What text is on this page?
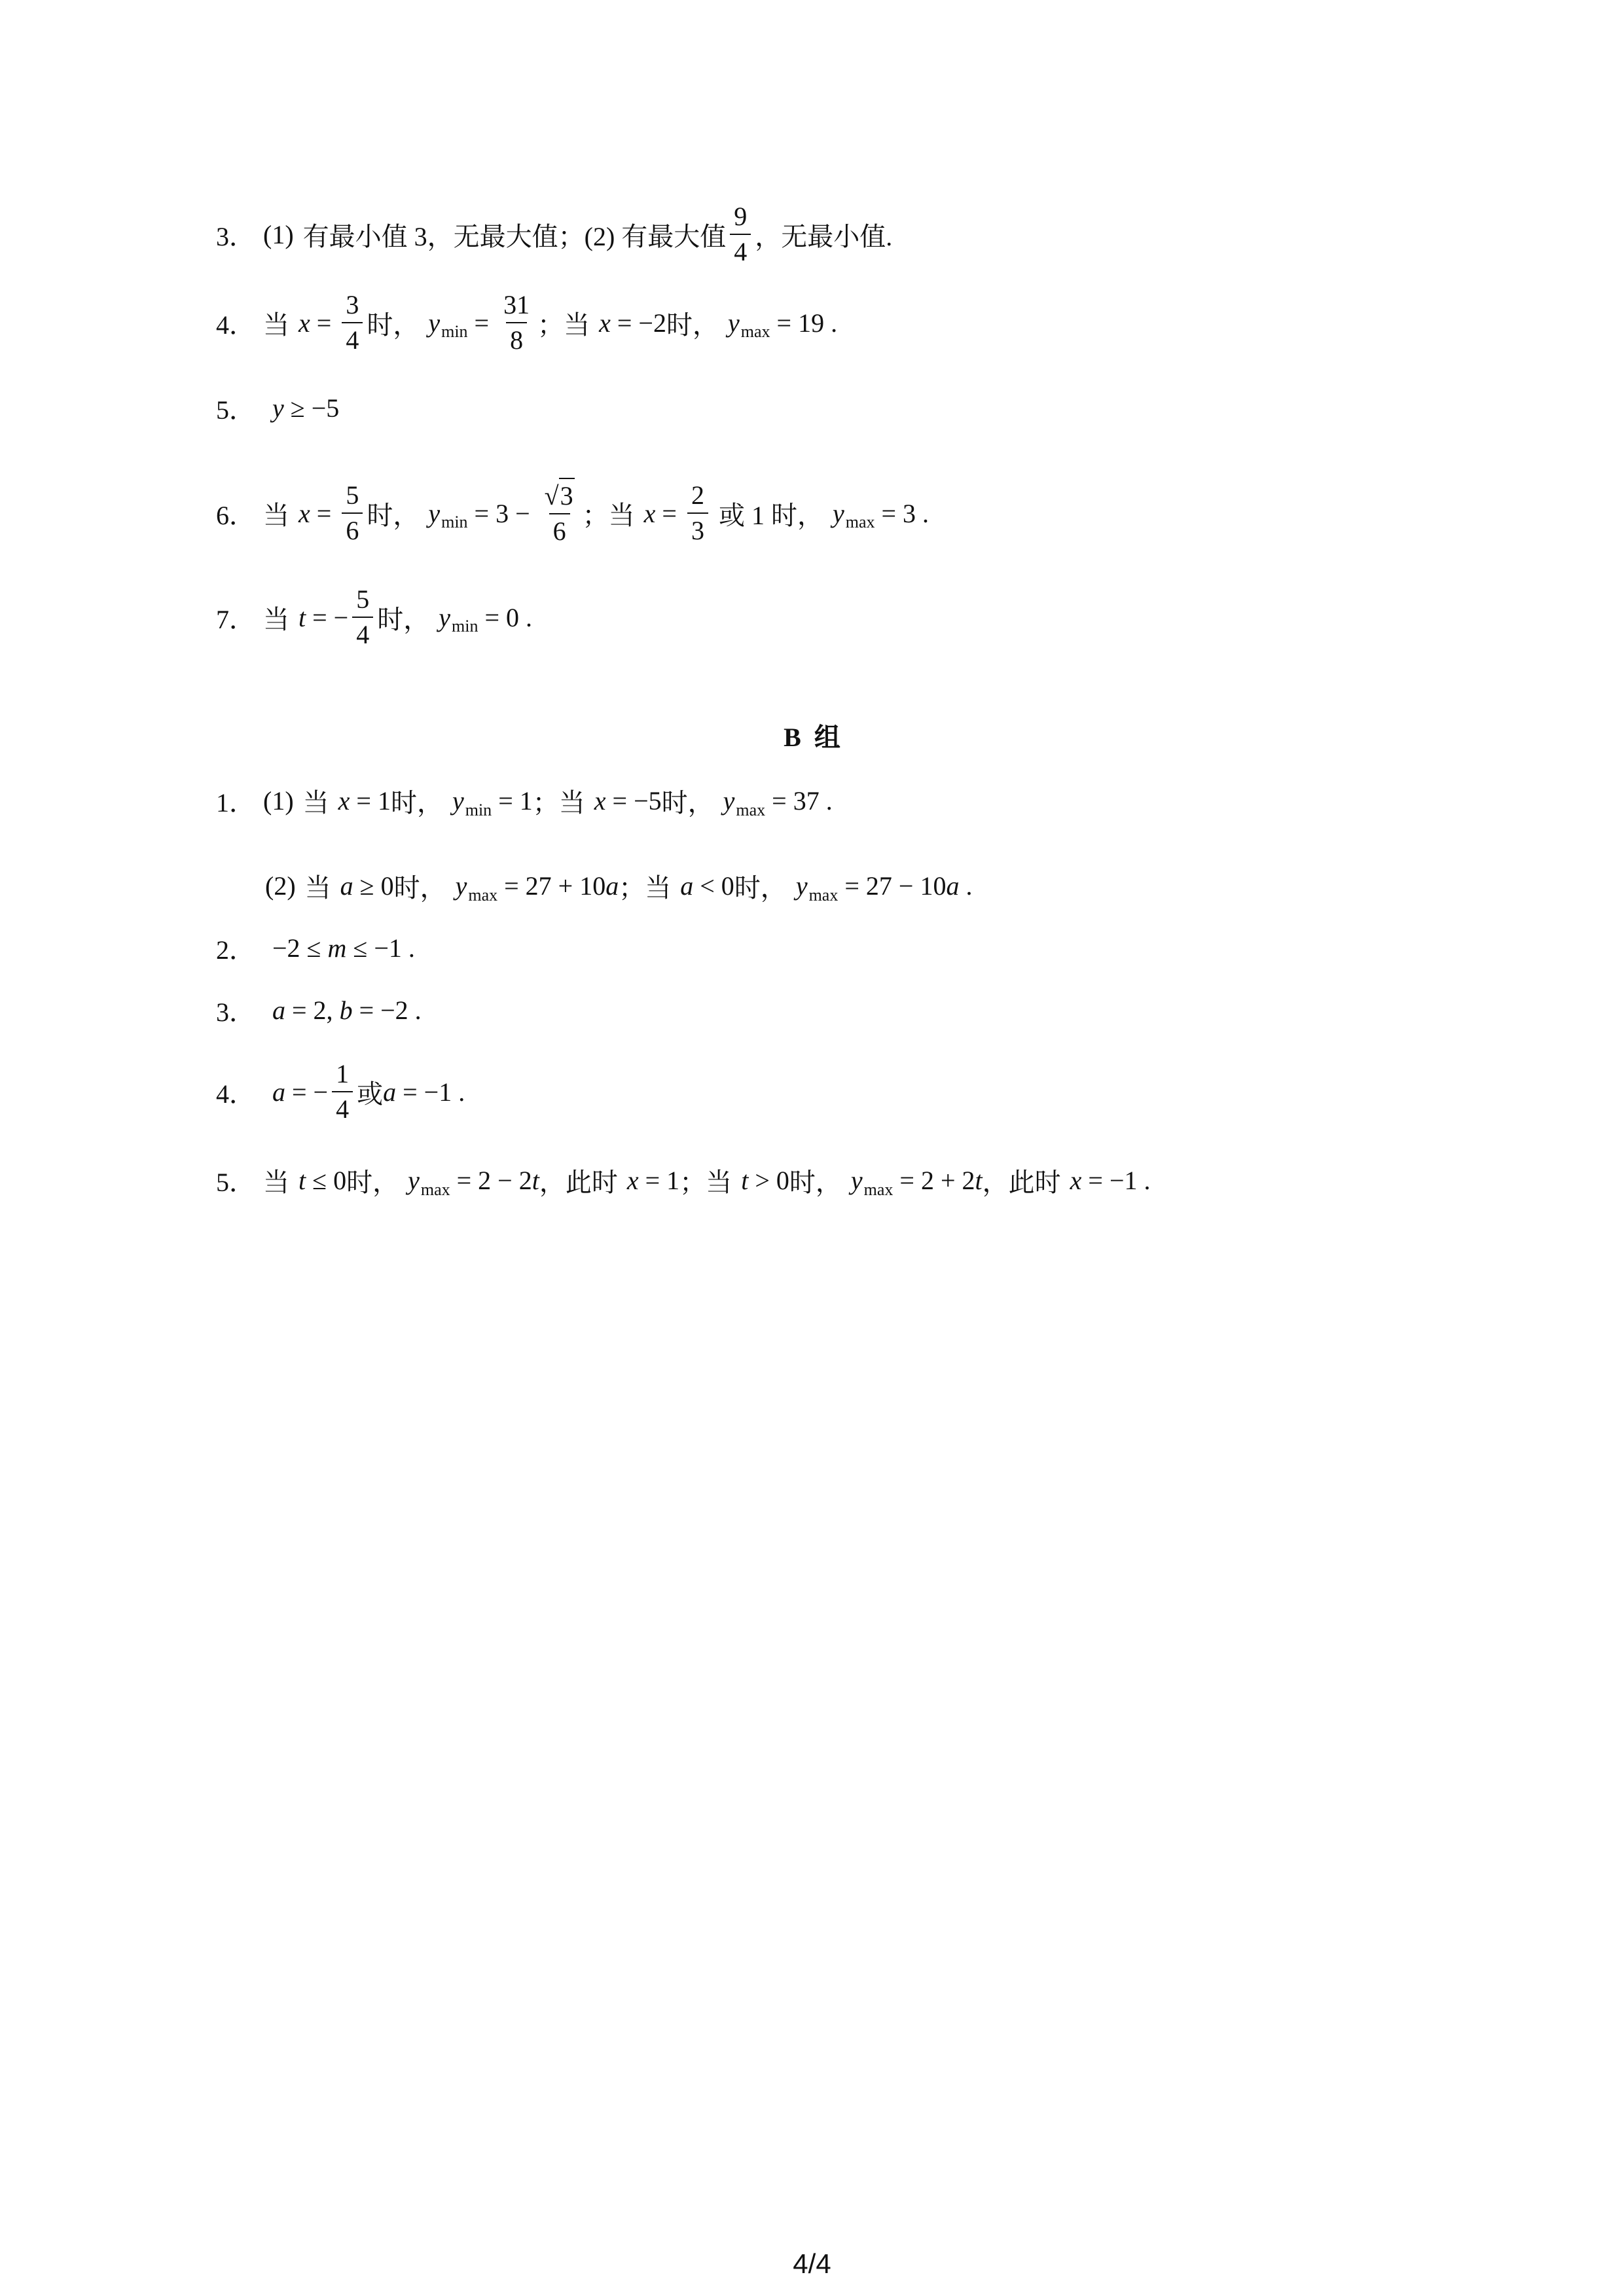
3． (1) 有最小值 3，无最大值；(2) 有最大值 $\frac{9}{4}$ ，无最小值.
4． 当 $x = \frac{3}{4}$ 时， y $\min = \frac{31}{8}$ ；当 x = −2 时， y max = 19 .
5． y ≥ −5
6． 当 $x = \frac{5}{6}$ 时， y $\min = 3 - \frac{√ 3}{6}$ ；当 $x = \frac{2}{3}$ 或 1 时， y max = 3 .
7． 当 t = − $\frac{5}{4}$ 时， y min = 0 .
B  组
1． (1) 当 x = 1 时， y min = 1 ；当 x = −5 时， y max = 37 .
(2) 当 a ≥ 0 时， y max = 27 + 10 a ；当 a < 0 时， y max = 27 − 10 a .
2． −2 ≤ m ≤ −1 .
3． a = 2, b = −2 .
4． a = − $\frac{1}{4}$ 或 a = −1 .
5． 当 t ≤ 0 时， y max = 2 − 2 t ，此时 x = 1 ；当 t > 0 时， y max = 2 + 2 t ，此时 x = −1 .
4/4
